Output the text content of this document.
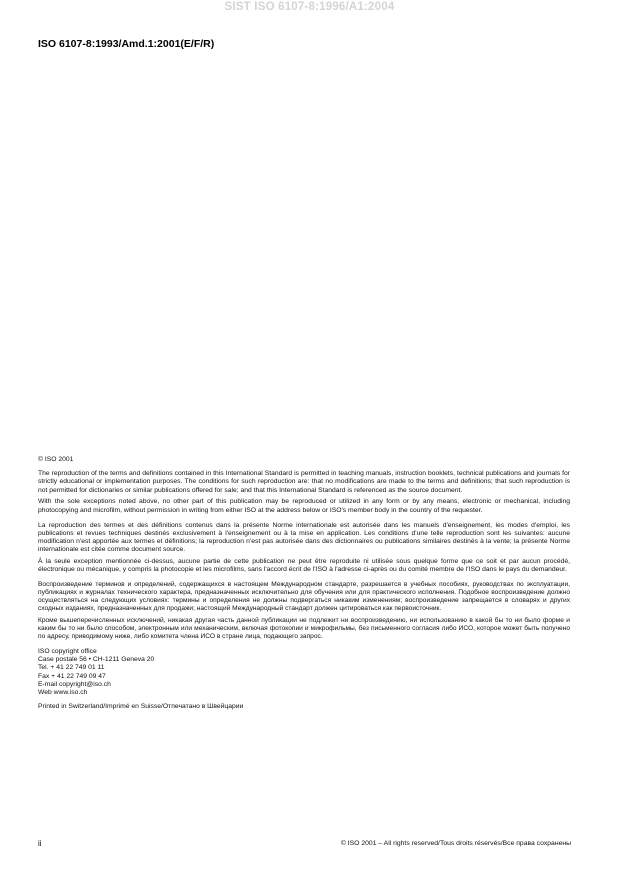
SIST ISO 6107-8:1996/A1:2004
ISO 6107-8:1993/Amd.1:2001(E/F/R)

© ISO 2001

The reproduction of the terms and definitions contained in this International Standard is permitted in teaching manuals, instruction booklets, technical publications and journals for strictly educational or implementation purposes. The conditions for such reproduction are: that no modifications are made to the terms and definitions; that such reproduction is not permitted for dictionaries or similar publications offered for sale; and that this International Standard is referenced as the source document.

With the sole exceptions noted above, no other part of this publication may be reproduced or utilized in any form or by any means, electronic or mechanical, including photocopying and microfilm, without permission in writing from either ISO at the address below or ISO's member body in the country of the requester.

La reproduction des termes et des définitions contenus dans la présente Norme internationale est autorisée dans les manuels d'enseignement, les modes d'emploi, les publications et revues techniques destinés exclusivement à l'enseignement ou à la mise en application. Les conditions d'une telle reproduction sont les suivantes: aucune modification n'est apportée aux termes et définitions; la reproduction n'est pas autorisée dans des dictionnaires ou publications similaires destinés à la vente; la présente Norme internationale est citée comme document source.

À la seule exception mentionnée ci-dessus, aucune partie de cette publication ne peut être reproduite ni utilisée sous quelque forme que ce soit et par aucun procédé, électronique ou mécanique, y compris la photocopie et les microfilms, sans l'accord écrit de l'ISO à l'adresse ci-après ou du comité membre de l'ISO dans le pays du demandeur.

Воспроизведение терминов и определений, содержащихся в настоящем Международном стандарте, разрешается в учебных пособиях, руководствах по эксплуатации, публикациях и журналах технического характера, предназначенных исключительно для обучения или для практического исполнения. Подобное воспроизведение должно осуществляться на следующих условиях: термины и определения не должны подвергаться никаким изменениям; воспроизведение запрещается в словарях и других сходных изданиях, предназначенных для продажи; настоящий Международный стандарт должен цитироваться как первоисточник.

Кроме вышеперечисленных исключений, никакая другая часть данной публикации не подлежит ни воспроизведению, ни использованию в какой бы то ни было форме и каким бы то ни было способом, электронным или механическим, включая фотокопии и микрофильмы, без письменного согласия либо ИСО, которое может быть получено по адресу, приводимому ниже, либо комитета члена ИСО в стране лица, подающего запрос.

ISO copyright office
Case postale 56 • CH-1211 Geneva 20
Tel. + 41 22 749 01 11
Fax + 41 22 749 09 47
E-mail copyright@iso.ch
Web www.iso.ch
Printed in Switzerland/Imprimé en Suisse/Отпечатано в Швейцарии
ii	© ISO 2001 – All rights reserved/Tous droits réservés/Все права сохранены
